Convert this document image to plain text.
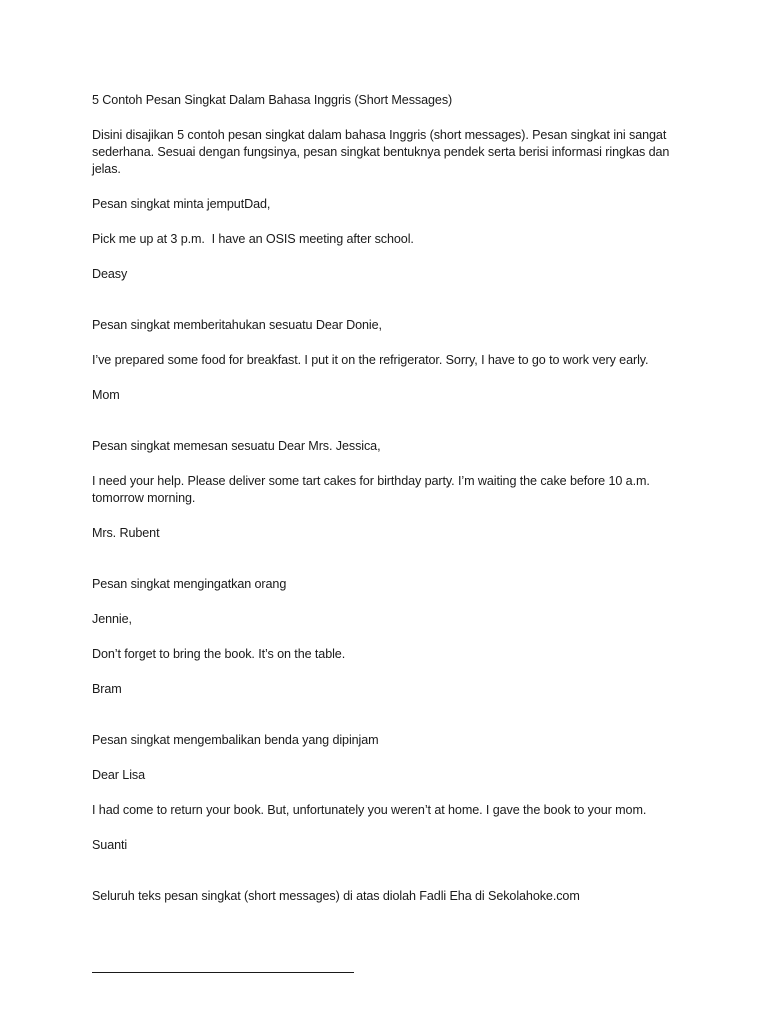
5 Contoh Pesan Singkat Dalam Bahasa Inggris (Short Messages)

Disini disajikan 5 contoh pesan singkat dalam bahasa Inggris (short messages). Pesan singkat ini sangat sederhana. Sesuai dengan fungsinya, pesan singkat bentuknya pendek serta berisi informasi ringkas dan jelas.

Pesan singkat minta jemputDad,

Pick me up at 3 p.m.  I have an OSIS meeting after school.

Deasy

Pesan singkat memberitahukan sesuatu Dear Donie,

I’ve prepared some food for breakfast. I put it on the refrigerator. Sorry, I have to go to work very early.

Mom

Pesan singkat memesan sesuatu Dear Mrs. Jessica,

I need your help. Please deliver some tart cakes for birthday party. I’m waiting the cake before 10 a.m. tomorrow morning.

Mrs. Rubent

Pesan singkat mengingatkan orang

Jennie,

Don’t forget to bring the book. It’s on the table.

Bram

Pesan singkat mengembalikan benda yang dipinjam

Dear Lisa

I had come to return your book. But, unfortunately you weren’t at home. I gave the book to your mom.

Suanti

Seluruh teks pesan singkat (short messages) di atas diolah Fadli Eha di Sekolahoke.com
